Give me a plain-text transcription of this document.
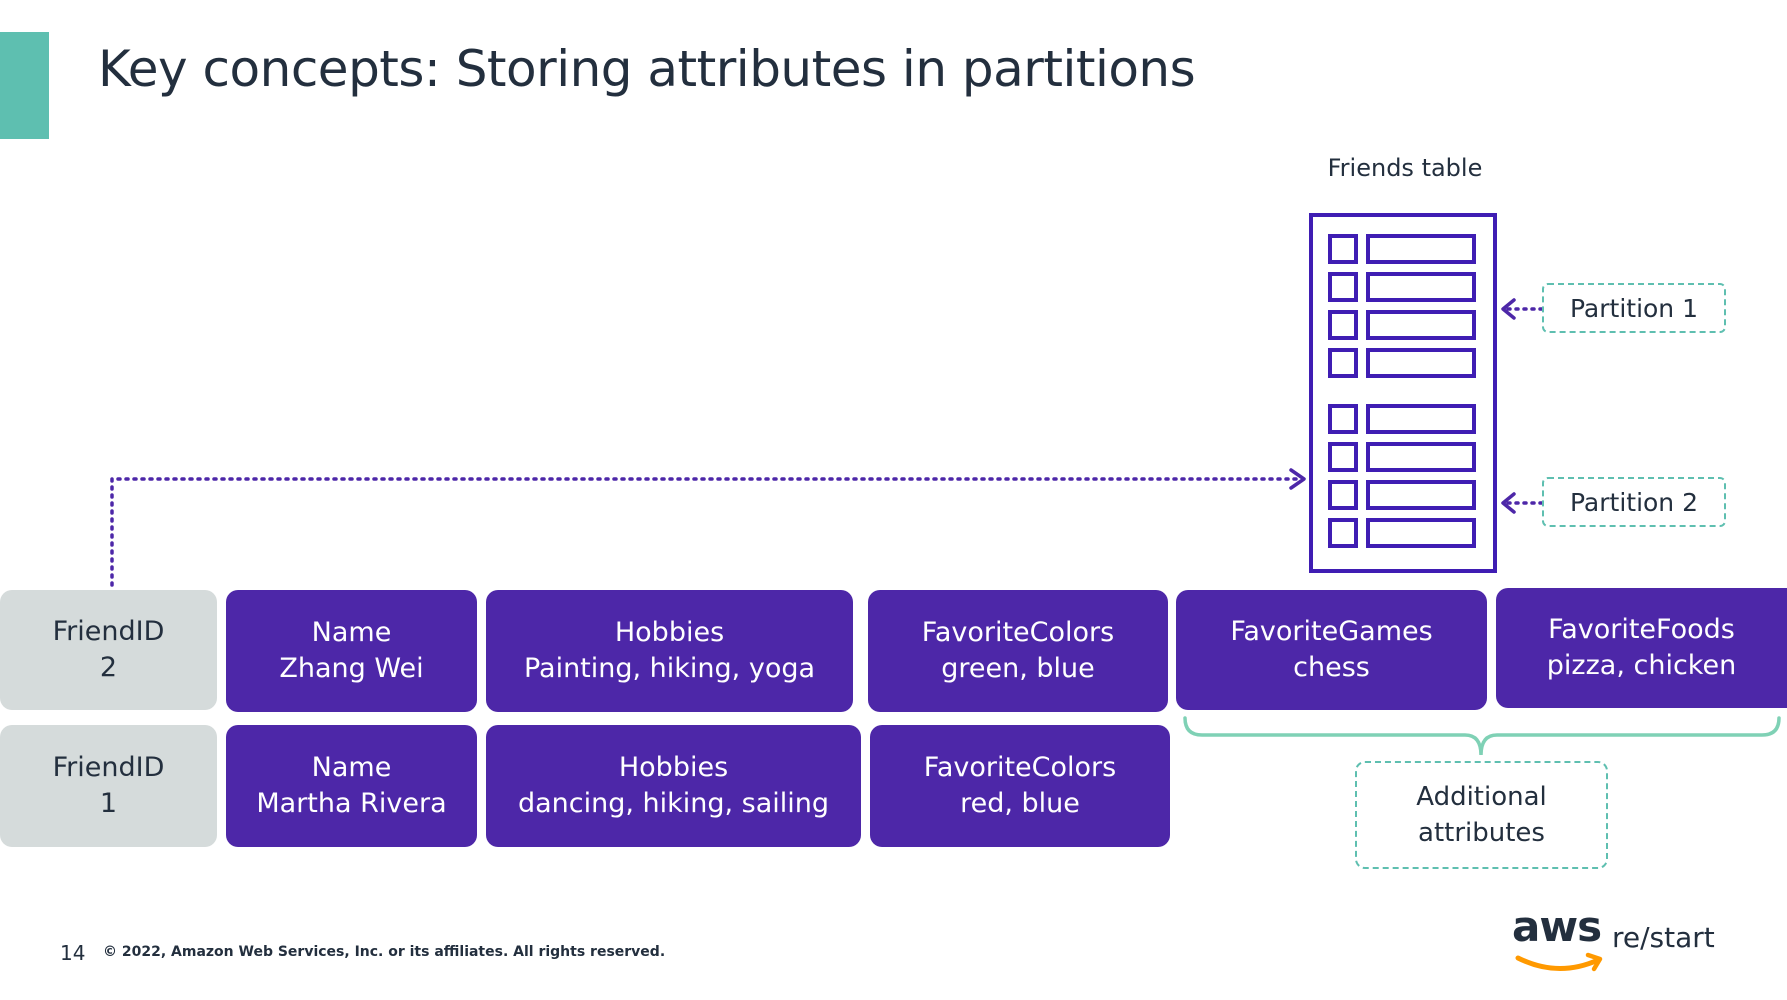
Key concepts: Storing attributes in partitions
Friends table
Partition 1
Partition 2
FriendID
2
Name
Zhang Wei
Hobbies
Painting, hiking, yoga
FavoriteColors
green, blue
FavoriteGames
chess
FavoriteFoods
pizza, chicken
FriendID
1
Name
Martha Rivera
Hobbies
dancing, hiking, sailing
FavoriteColors
red, blue	Additional
attributes
14 © 2022, Amazon Web Services, Inc. or its affiliates. All rights reserved.
aws re/start
